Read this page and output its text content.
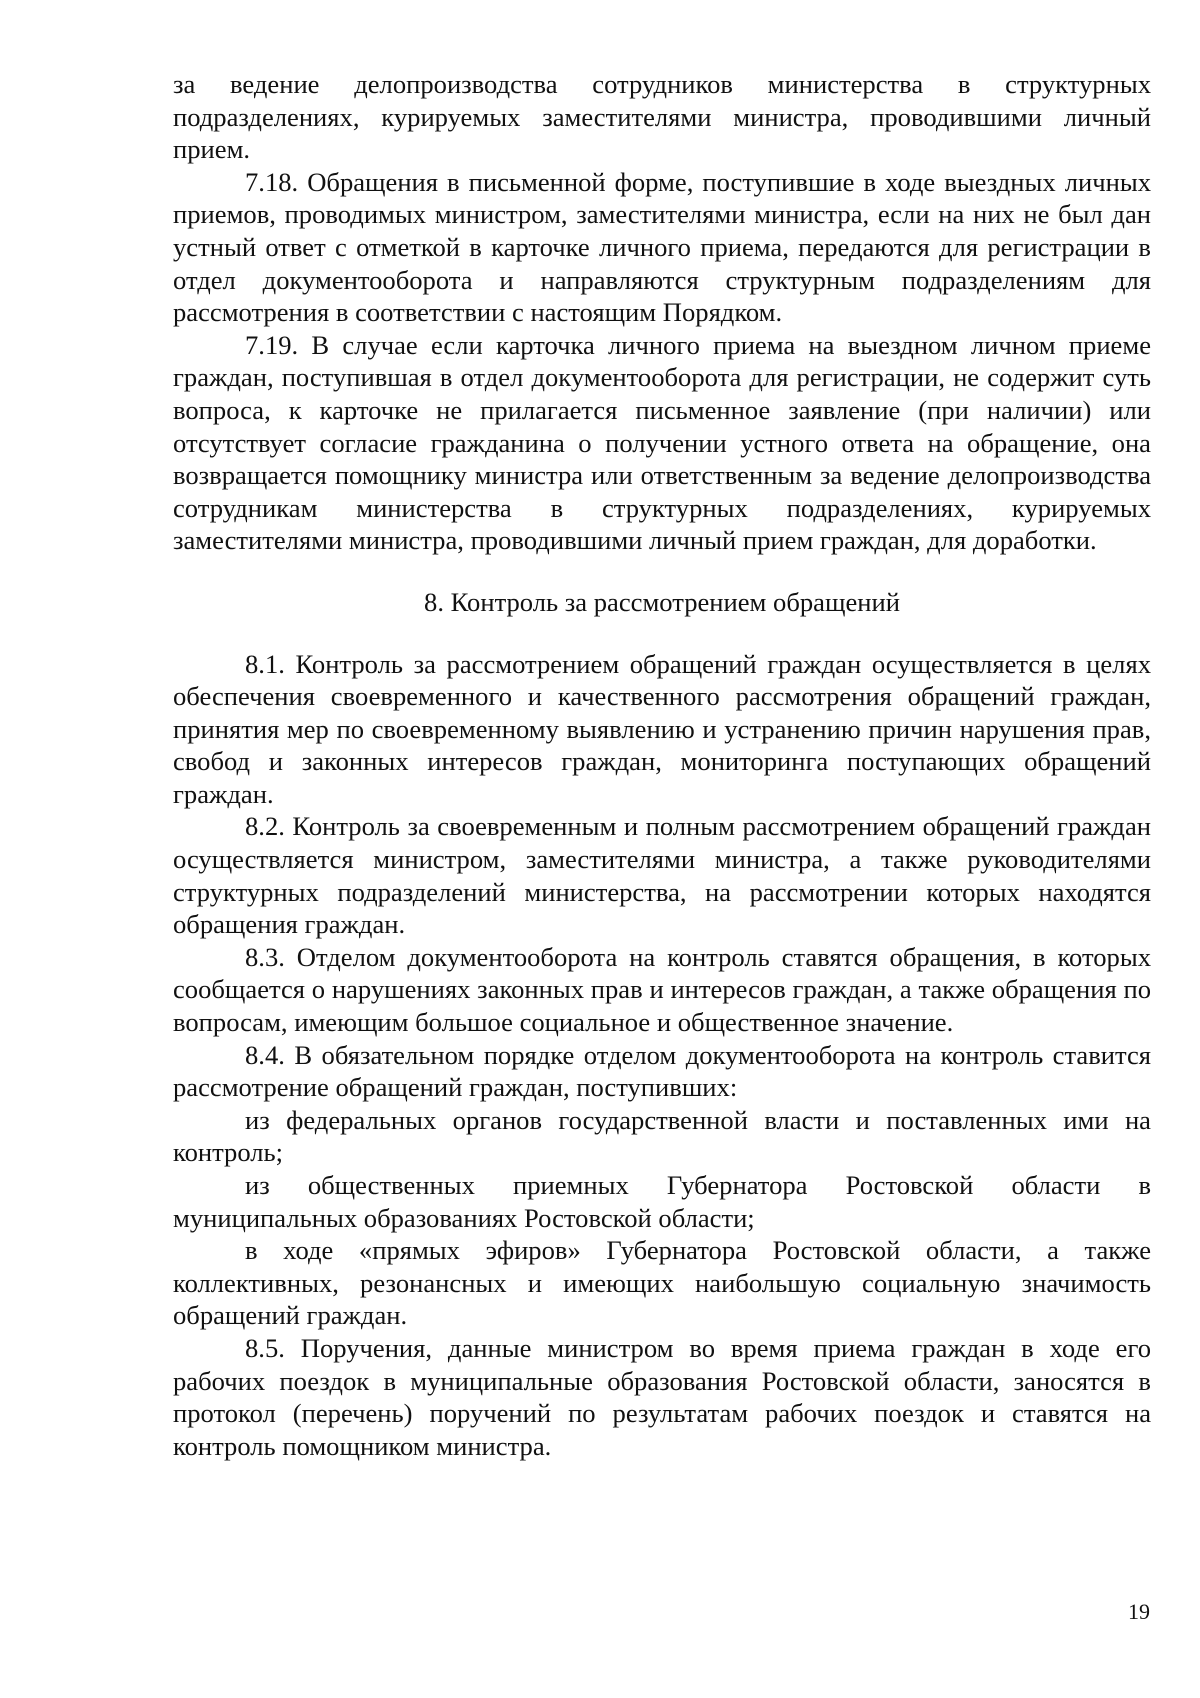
за ведение делопроизводства сотрудников министерства в структурных подразделениях, курируемых заместителями министра, проводившими личный прием.

7.18. Обращения в письменной форме, поступившие в ходе выездных личных приемов, проводимых министром, заместителями министра, если на них не был дан устный ответ с отметкой в карточке личного приема, передаются для регистрации в отдел документооборота и направляются структурным подразделениям для рассмотрения в соответствии с настоящим Порядком.

7.19. В случае если карточка личного приема на выездном личном приеме граждан, поступившая в отдел документооборота для регистрации, не содержит суть вопроса, к карточке не прилагается письменное заявление (при наличии) или отсутствует согласие гражданина о получении устного ответа на обращение, она возвращается помощнику министра или ответственным за ведение делопроизводства сотрудникам министерства в структурных подразделениях, курируемых заместителями министра, проводившими личный прием граждан, для доработки.

8. Контроль за рассмотрением обращений

8.1. Контроль за рассмотрением обращений граждан осуществляется в целях обеспечения своевременного и качественного рассмотрения обращений граждан, принятия мер по своевременному выявлению и устранению причин нарушения прав, свобод и законных интересов граждан, мониторинга поступающих обращений граждан.

8.2. Контроль за своевременным и полным рассмотрением обращений граждан осуществляется министром, заместителями министра, а также руководителями структурных подразделений министерства, на рассмотрении которых находятся обращения граждан.

8.3. Отделом документооборота на контроль ставятся обращения, в которых сообщается о нарушениях законных прав и интересов граждан, а также обращения по вопросам, имеющим большое социальное и общественное значение.

8.4. В обязательном порядке отделом документооборота на контроль ставится рассмотрение обращений граждан, поступивших:

из федеральных органов государственной власти и поставленных ими на контроль;

из общественных приемных Губернатора Ростовской области в муниципальных образованиях Ростовской области;

в ходе «прямых эфиров» Губернатора Ростовской области, а также коллективных, резонансных и имеющих наибольшую социальную значимость обращений граждан.

8.5. Поручения, данные министром во время приема граждан в ходе его рабочих поездок в муниципальные образования Ростовской области, заносятся в протокол (перечень) поручений по результатам рабочих поездок и ставятся на контроль помощником министра.

19
